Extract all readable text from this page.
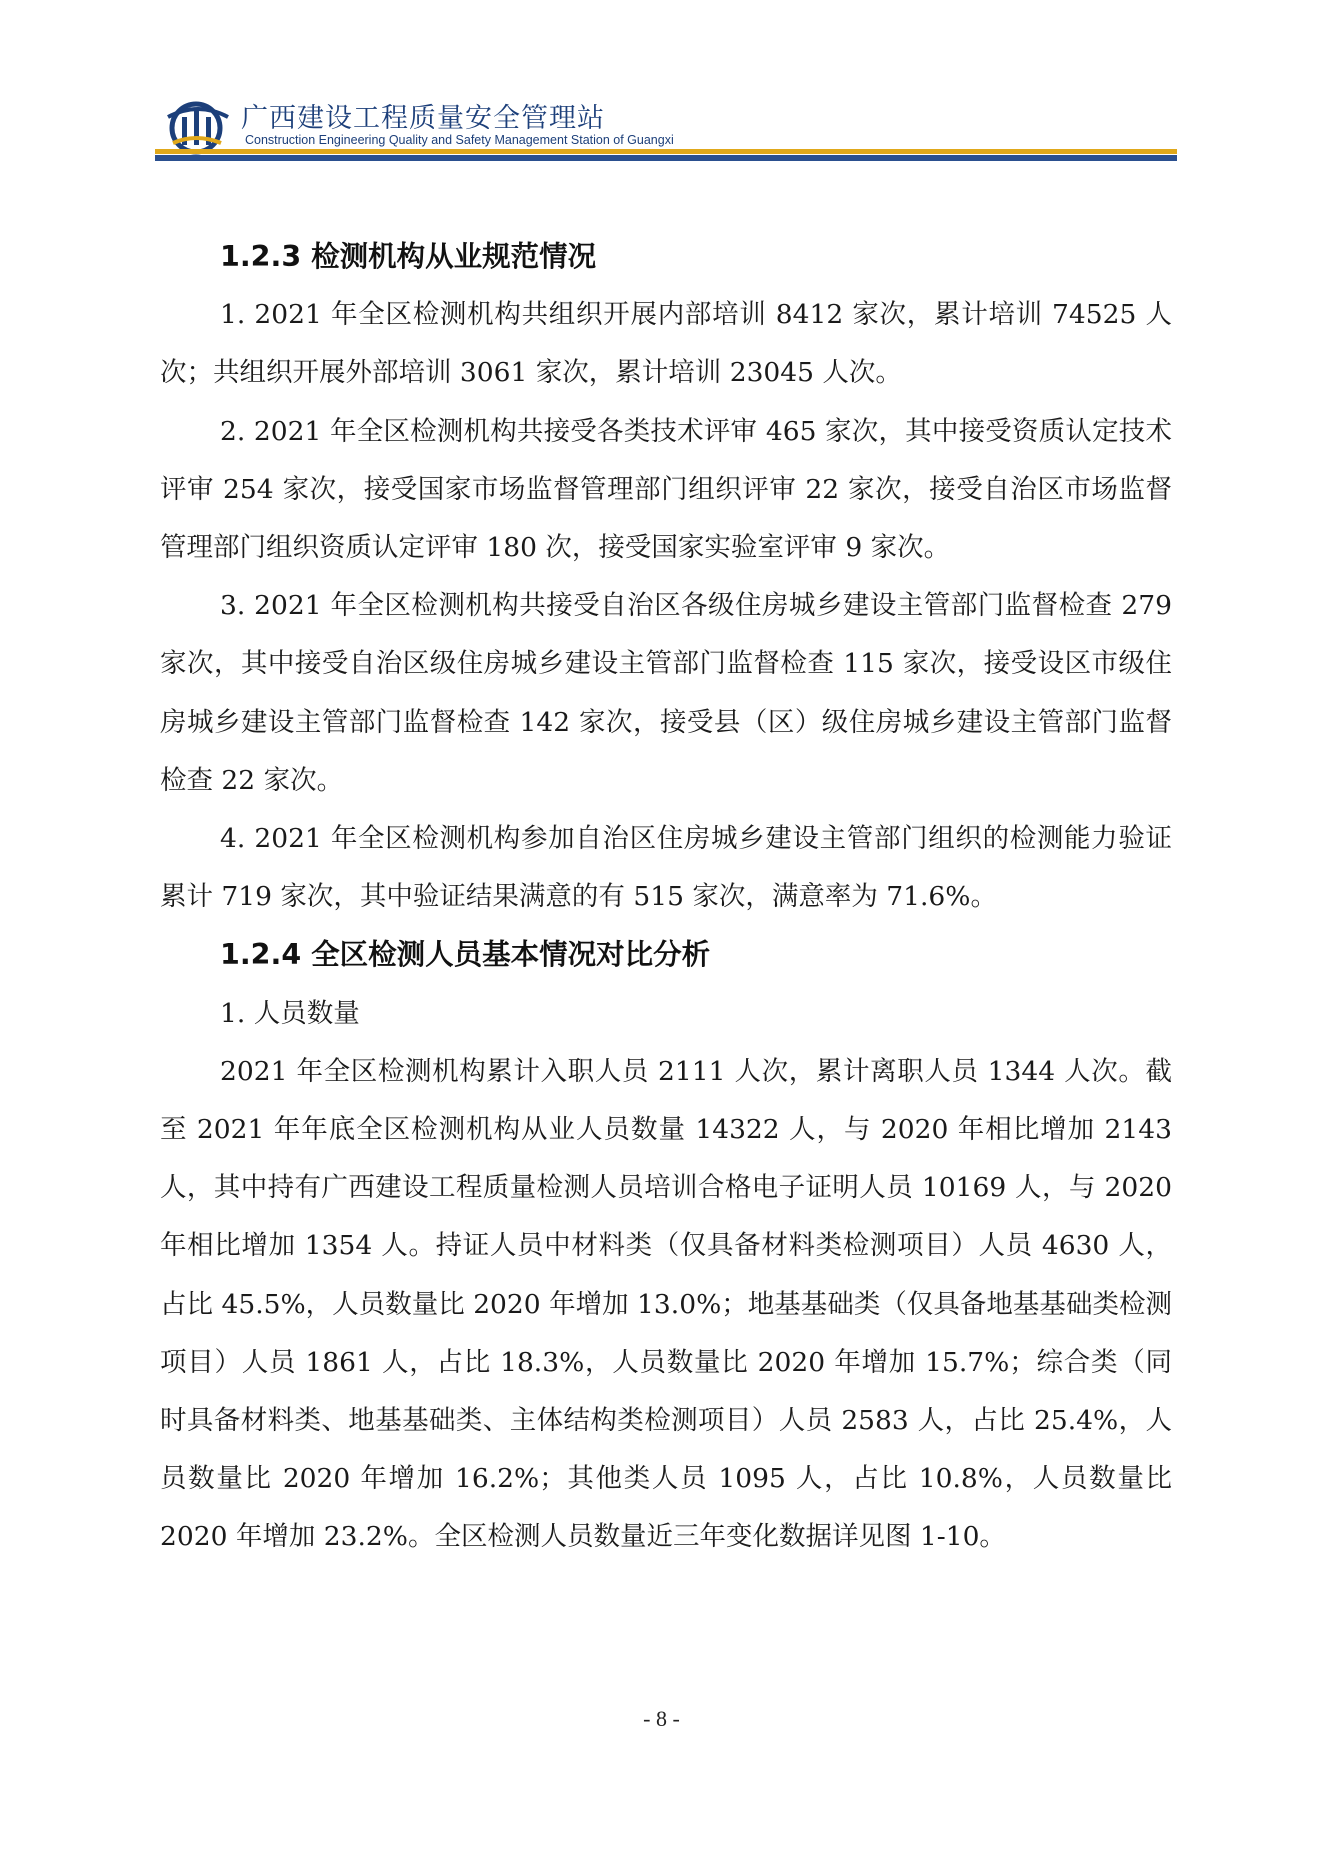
广西建设工程质量安全管理站
Construction Engineering Quality and Safety Management Station of Guangxi
1.2.3 检测机构从业规范情况

1. 2021 年全区检测机构共组织开展内部培训 8412 家次，累计培训 74525 人次；共组织开展外部培训 3061 家次，累计培训 23045 人次。

2. 2021 年全区检测机构共接受各类技术评审 465 家次，其中接受资质认定技术评审 254 家次，接受国家市场监督管理部门组织评审 22 家次，接受自治区市场监督管理部门组织资质认定评审 180 次，接受国家实验室评审 9 家次。

3. 2021 年全区检测机构共接受自治区各级住房城乡建设主管部门监督检查 279 家次，其中接受自治区级住房城乡建设主管部门监督检查 115 家次，接受设区市级住房城乡建设主管部门监督检查 142 家次，接受县（区）级住房城乡建设主管部门监督检查 22 家次。

4. 2021 年全区检测机构参加自治区住房城乡建设主管部门组织的检测能力验证累计 719 家次，其中验证结果满意的有 515 家次，满意率为 71.6%。

1.2.4 全区检测人员基本情况对比分析

1. 人员数量

2021 年全区检测机构累计入职人员 2111 人次，累计离职人员 1344 人次。截至 2021 年年底全区检测机构从业人员数量 14322 人，与 2020 年相比增加 2143 人，其中持有广西建设工程质量检测人员培训合格电子证明人员 10169 人，与 2020 年相比增加 1354 人。持证人员中材料类（仅具备材料类检测项目）人员 4630 人，占比 45.5%，人员数量比 2020 年增加 13.0%；地基基础类（仅具备地基基础类检测项目）人员 1861 人，占比 18.3%，人员数量比 2020 年增加 15.7%；综合类（同时具备材料类、地基基础类、主体结构类检测项目）人员 2583 人，占比 25.4%，人员数量比 2020 年增加 16.2%；其他类人员 1095 人，占比 10.8%，人员数量比 2020 年增加 23.2%。全区检测人员数量近三年变化数据详见图 1-10。

- 8 -
